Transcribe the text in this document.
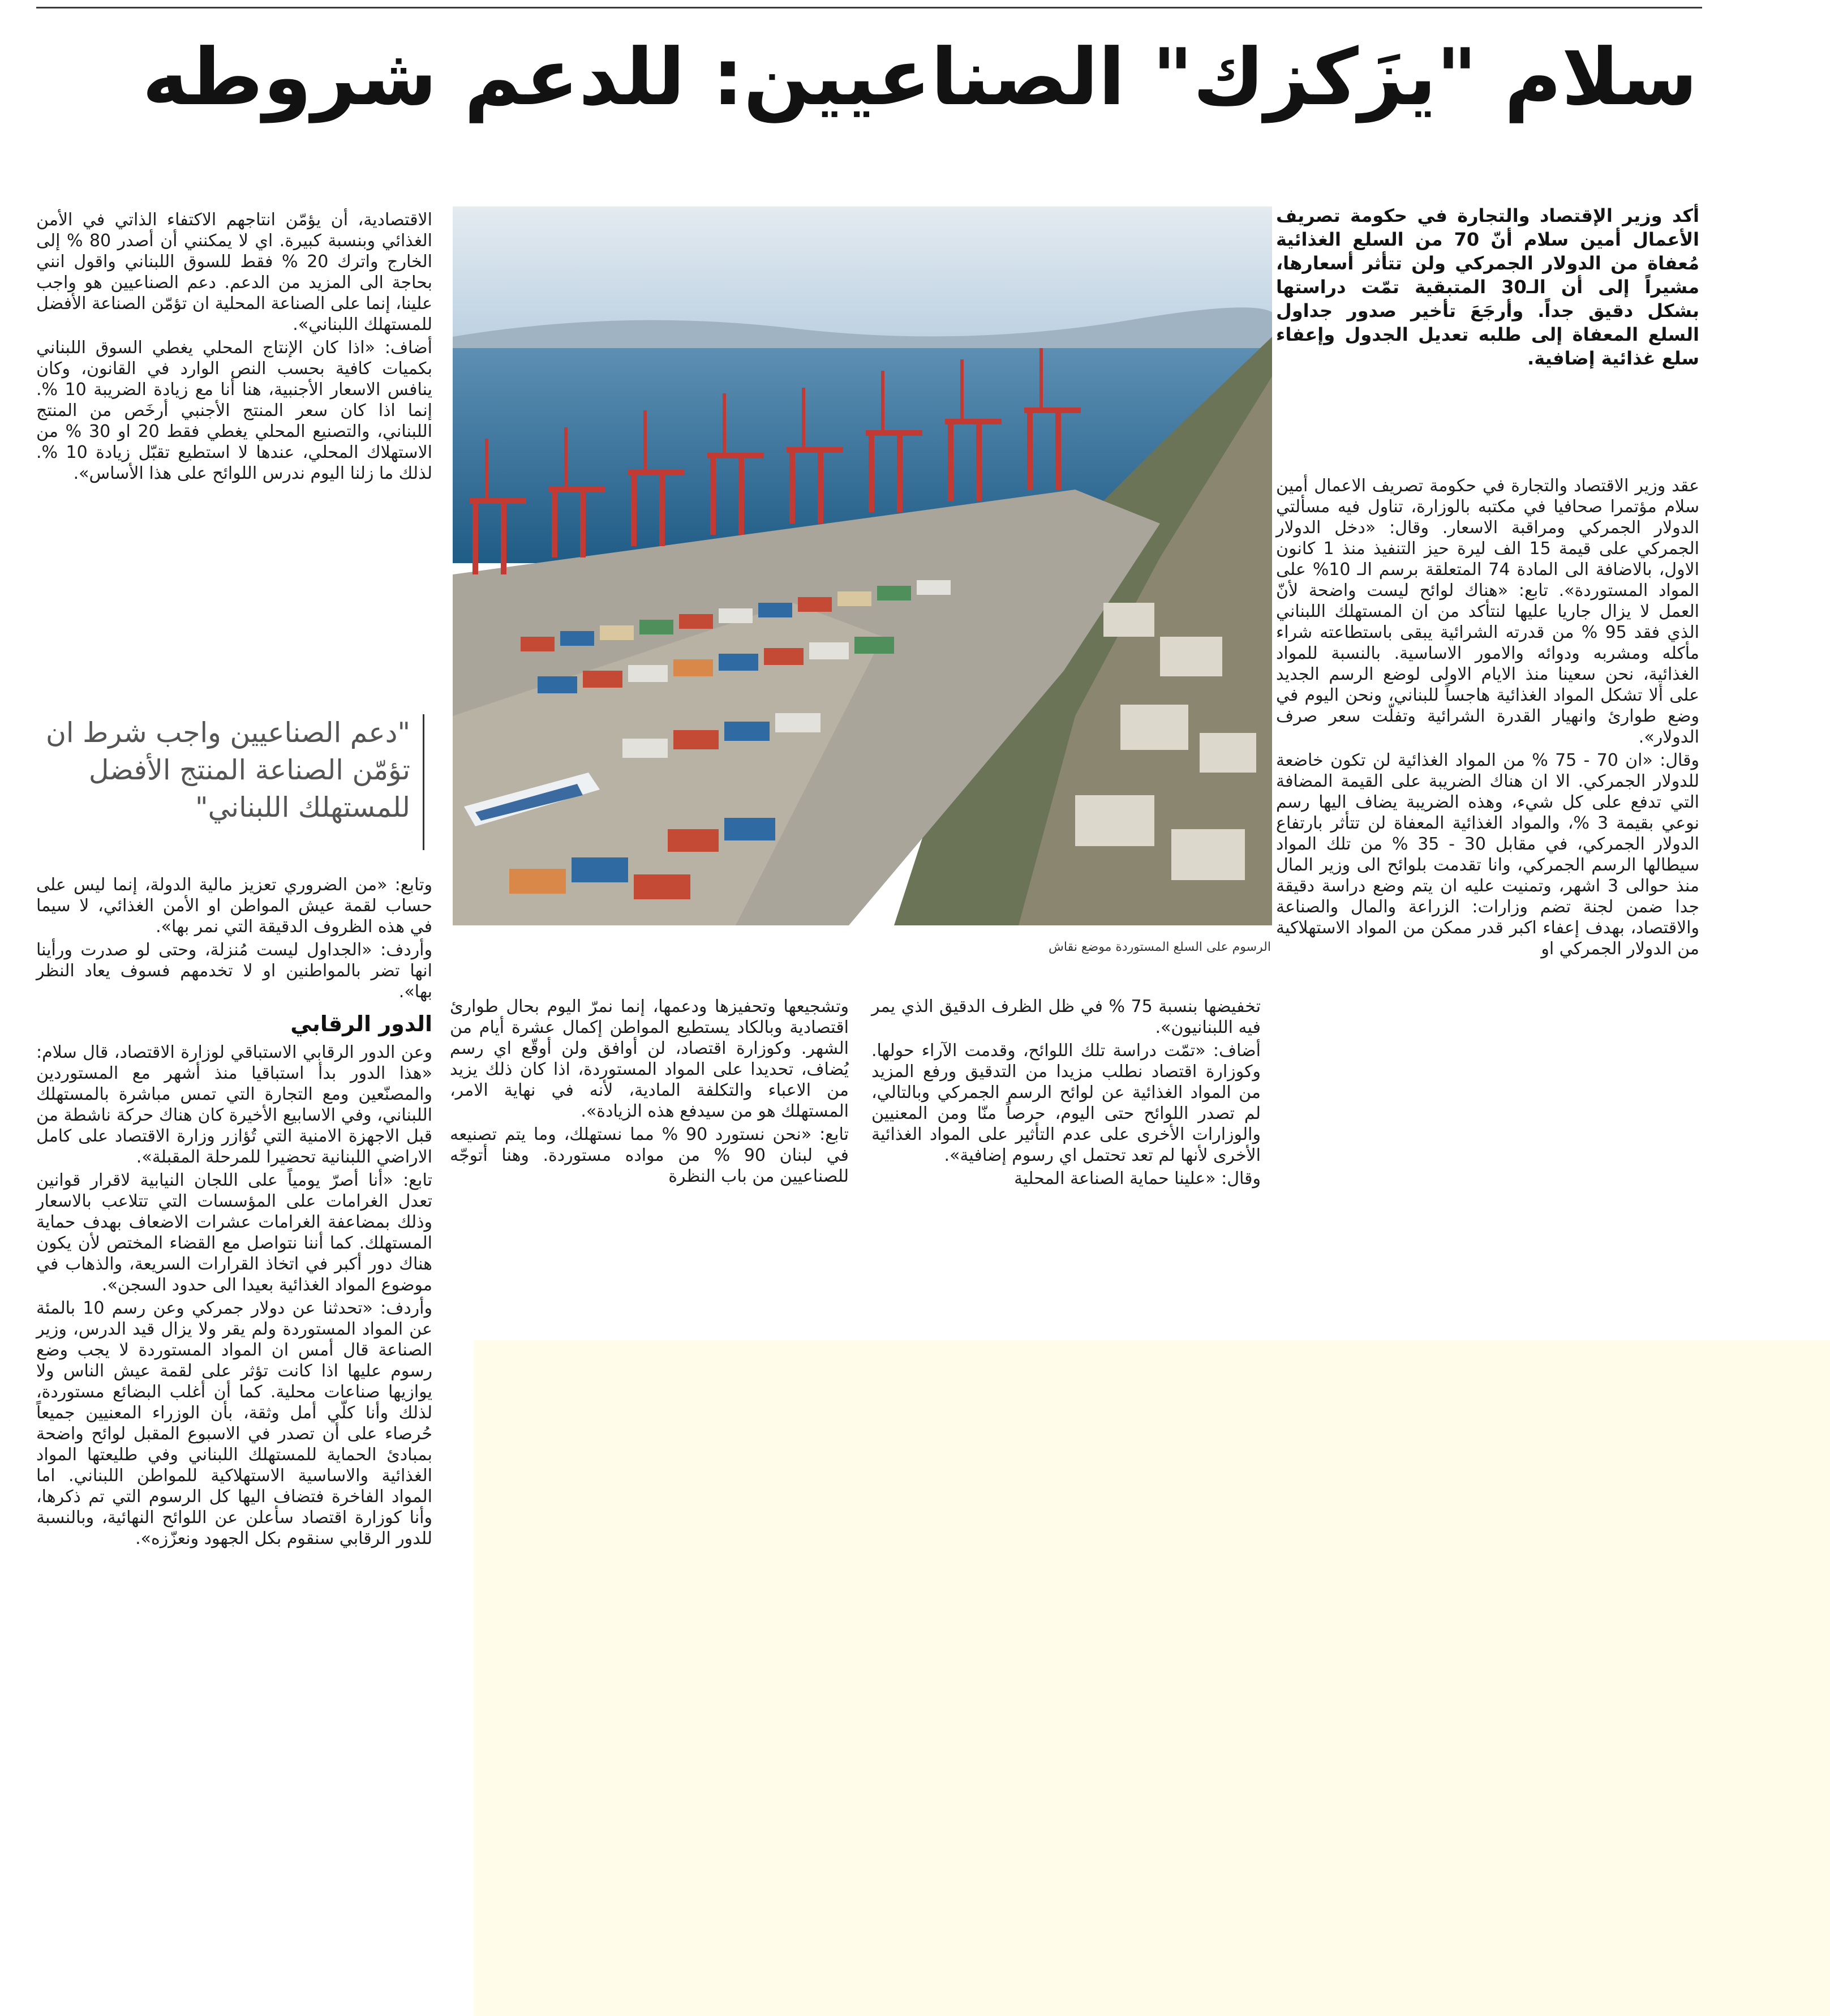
سلام "يزَكزك" الصناعيين: للدعم شروطه

أكد وزير الإقتصاد والتجارة في حكومة تصريف الأعمال أمين سلام أنّ 70 من السلع الغذائية مُعفاة من الدولار الجمركي ولن تتأثر أسعارها، مشيراً إلى أن الـ30 المتبقية تمّت دراستها بشكل دقيق جداً. وأرجَعَ تأخير صدور جداول السلع المعفاة إلى طلبه تعديل الجدول وإعفاء سلع غذائية إضافية.

عقد وزير الاقتصاد والتجارة في حكومة تصريف الاعمال أمين سلام مؤتمرا صحافيا في مكتبه بالوزارة، تناول فيه مسألتي الدولار الجمركي ومراقبة الاسعار. وقال: «دخل الدولار الجمركي على قيمة 15 الف ليرة حيز التنفيذ منذ 1 كانون الاول، بالاضافة الى المادة 74 المتعلقة برسم الـ 10% على المواد المستوردة». تابع: «هناك لوائح ليست واضحة لأنّ العمل لا يزال جاريا عليها لنتأكد من ان المستهلك اللبناني الذي فقد 95 % من قدرته الشرائية يبقى باستطاعته شراء مأكله ومشربه ودوائه والامور الاساسية. بالنسبة للمواد الغذائية، نحن سعينا منذ الايام الاولى لوضع الرسم الجديد على ألا تشكل المواد الغذائية هاجساً للبناني، ونحن اليوم في وضع طوارئ وانهيار القدرة الشرائية وتفلّت سعر صرف الدولار».

وقال: «ان 70 - 75 % من المواد الغذائية لن تكون خاضعة للدولار الجمركي. الا ان هناك الضريبة على القيمة المضافة التي تدفع على كل شيء، وهذه الضريبة يضاف اليها رسم نوعي بقيمة 3 %، والمواد الغذائية المعفاة لن تتأثر بارتفاع الدولار الجمركي، في مقابل 30 - 35 % من تلك المواد سيطالها الرسم الجمركي، وانا تقدمت بلوائح الى وزير المال منذ حوالى 3 اشهر، وتمنيت عليه ان يتم وضع دراسة دقيقة جدا ضمن لجنة تضم وزارات: الزراعة والمال والصناعة والاقتصاد، بهدف إعفاء اكبر قدر ممكن من المواد الاستهلاكية من الدولار الجمركي او

الرسوم على السلع المستوردة موضع نقاش

تخفيضها بنسبة 75 % في ظل الظرف الدقيق الذي يمر فيه اللبنانيون».

أضاف: «تمّت دراسة تلك اللوائح، وقدمت الآراء حولها. وكوزارة اقتصاد نطلب مزيدا من التدقيق ورفع المزيد من المواد الغذائية عن لوائح الرسم الجمركي وبالتالي، لم تصدر اللوائح حتى اليوم، حرصاً منّا ومن المعنيين والوزارات الأخرى على عدم التأثير على المواد الغذائية الأخرى لأنها لم تعد تحتمل اي رسوم إضافية».

وقال: «علينا حماية الصناعة المحلية

وتشجيعها وتحفيزها ودعمها، إنما نمرّ اليوم بحال طوارئ اقتصادية وبالكاد يستطيع المواطن إكمال عشرة أيام من الشهر. وكوزارة اقتصاد، لن أوافق ولن أوقّع اي رسم يُضاف، تحديدا على المواد المستوردة، اذا كان ذلك يزيد من الاعباء والتكلفة المادية، لأنه في نهاية الامر، المستهلك هو من سيدفع هذه الزيادة».

تابع: «نحن نستورد 90 % مما نستهلك، وما يتم تصنيعه في لبنان 90 % من مواده مستوردة. وهنا أتوجّه للصناعيين من باب النظرة

الاقتصادية، أن يؤمّن انتاجهم الاكتفاء الذاتي في الأمن الغذائي وبنسبة كبيرة. اي لا يمكنني أن أصدر 80 % إلى الخارج واترك 20 % فقط للسوق اللبناني واقول انني بحاجة الى المزيد من الدعم. دعم الصناعيين هو واجب علينا، إنما على الصناعة المحلية ان تؤمّن الصناعة الأفضل للمستهلك اللبناني».

أضاف: «اذا كان الإنتاج المحلي يغطي السوق اللبناني بكميات كافية بحسب النص الوارد في القانون، وكان ينافس الاسعار الأجنبية، هنا أنا مع زيادة الضريبة 10 %. إنما اذا كان سعر المنتج الأجنبي أرخَص من المنتج اللبناني، والتصنيع المحلي يغطي فقط 20 او 30 % من الاستهلاك المحلي، عندها لا استطيع تقبّل زيادة 10 %. لذلك ما زلنا اليوم ندرس اللوائح على هذا الأساس».

"دعم الصناعيين واجب شرط ان تؤمّن الصناعة المنتج الأفضل للمستهلك اللبناني"

وتابع: «من الضروري تعزيز مالية الدولة، إنما ليس على حساب لقمة عيش المواطن او الأمن الغذائي، لا سيما في هذه الظروف الدقيقة التي نمر بها».

وأردف: «الجداول ليست مُنزلة، وحتى لو صدرت ورأينا انها تضر بالمواطنين او لا تخدمهم فسوف يعاد النظر بها».

الدور الرقابي

وعن الدور الرقابي الاستباقي لوزارة الاقتصاد، قال سلام: «هذا الدور بدأ استباقيا منذ أشهر مع المستوردين والمصنّعين ومع التجارة التي تمس مباشرة بالمستهلك اللبناني، وفي الاسابيع الأخيرة كان هناك حركة ناشطة من قبل الاجهزة الامنية التي تُؤازر وزارة الاقتصاد على كامل الاراضي اللبنانية تحضيرا للمرحلة المقبلة».

تابع: «أنا أصرّ يومياً على اللجان النيابية لاقرار قوانين تعدل الغرامات على المؤسسات التي تتلاعب بالاسعار وذلك بمضاعفة الغرامات عشرات الاضعاف بهدف حماية المستهلك. كما أننا نتواصل مع القضاء المختص لأن يكون هناك دور أكبر في اتخاذ القرارات السريعة، والذهاب في موضوع المواد الغذائية بعيدا الى حدود السجن».

وأردف: «تحدثنا عن دولار جمركي وعن رسم 10 بالمئة عن المواد المستوردة ولم يقر ولا يزال قيد الدرس، وزير الصناعة قال أمس ان المواد المستوردة لا يجب وضع رسوم عليها اذا كانت تؤثر على لقمة عيش الناس ولا يوازيها صناعات محلية. كما أن أغلب البضائع مستوردة، لذلك وأنا كلّي أمل وثقة، بأن الوزراء المعنيين جميعاً حُرصاء على أن تصدر في الاسبوع المقبل لوائح واضحة بمبادئ الحماية للمستهلك اللبناني وفي طليعتها المواد الغذائية والاساسية الاستهلاكية للمواطن اللبناني. اما المواد الفاخرة فتضاف اليها كل الرسوم التي تم ذكرها، وأنا كوزارة اقتصاد سأعلن عن اللوائح النهائية، وبالنسبة للدور الرقابي سنقوم بكل الجهود ونعزّزه».
